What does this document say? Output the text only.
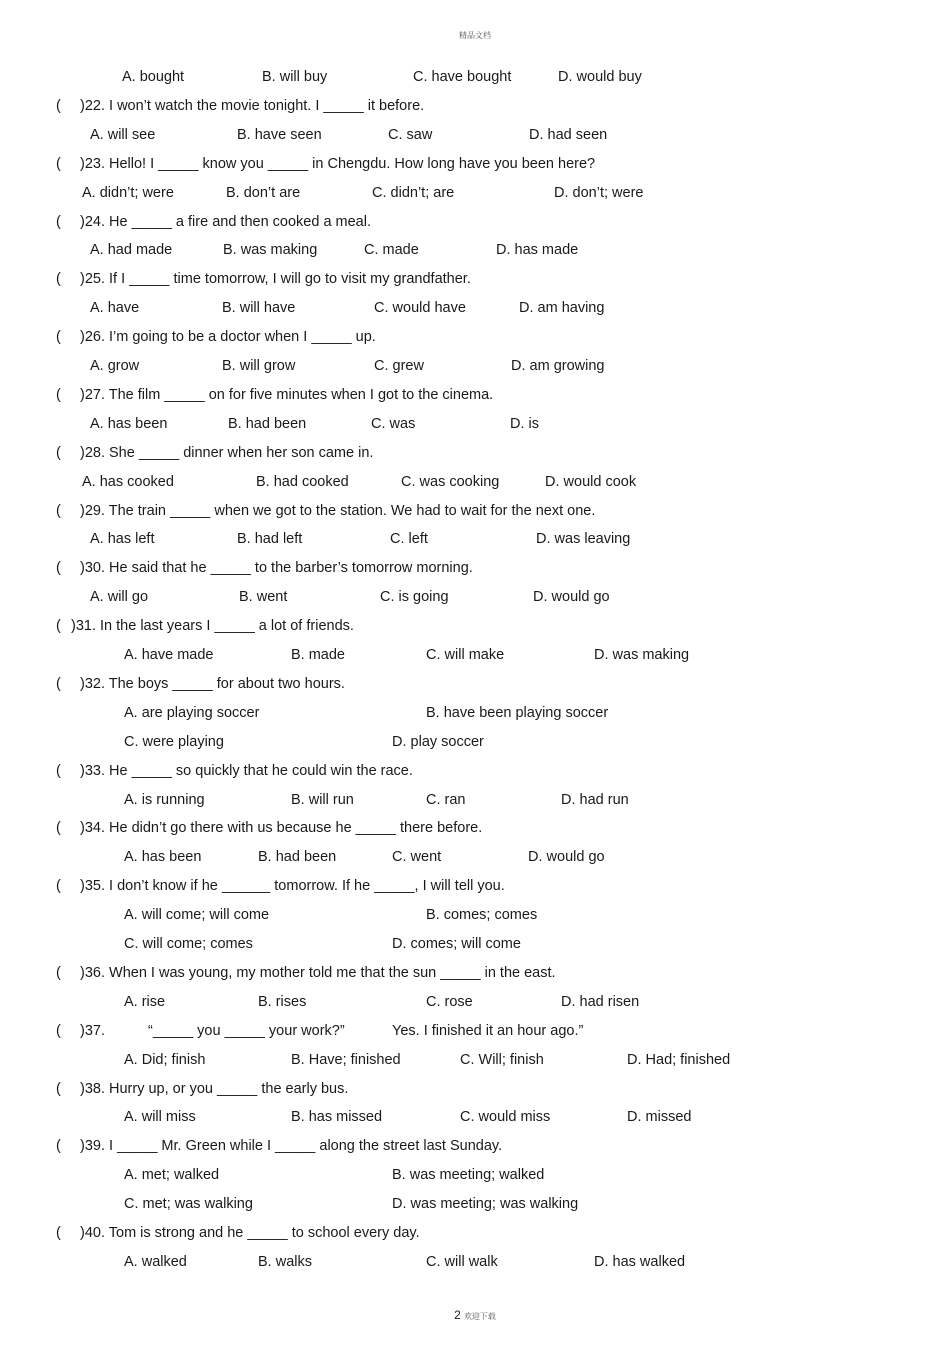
精品文档
A. bought	B. will buy	C. have bought	D. would buy
( )22. I won’t watch the movie tonight. I _____ it before.
A. will see	B. have seen	C. saw	D. had seen
( )23. Hello! I _____ know you _____ in Chengdu. How long have you been here?
A. didn’t; were	B. don’t are	C. didn’t; are	D. don’t; were
( )24. He _____ a fire and then cooked a meal.
A. had made	B. was making	C. made	D. has made
( )25. If I _____ time tomorrow, I will go to visit my grandfather.
A. have	B. will have	C. would have	D. am having
( )26. I’m going to be a doctor when I _____ up.
A. grow	B. will grow	C. grew	D. am growing
( )27. The film _____ on for five minutes when I got to the cinema.
A. has been	B. had been	C. was	D. is
( )28. She _____ dinner when her son came in.
A. has cooked	B. had cooked	C. was cooking	D. would cook
( )29. The train _____ when we got to the station. We had to wait for the next one.
A. has left	B. had left	C. left	D. was leaving
( )30. He said that he _____ to the barber’s tomorrow morning.
A. will go	B. went	C. is going	D. would go
( )31. In the last years I _____ a lot of friends.
A. have made	B. made	C. will make	D. was making
( )32. The boys _____ for about two hours.
A. are playing soccer	B. have been playing soccer
C. were playing	D. play soccer
( )33. He _____ so quickly that he could win the race.
A. is running	B. will run	C. ran	D. had run
( )34. He didn’t go there with us because he _____ there before.
A. has been	B. had been	C. went	D. would go
( )35. I don’t know if he ______ tomorrow. If he _____, I will tell you.
A. will come; will come	B. comes; comes
C. will come; comes	D. comes; will come
( )36. When I was young, my mother told me that the sun _____ in the east.
A. rise	B. rises	C. rose	D. had risen
( )37.	“_____ you _____ your work?”	Yes. I finished it an hour ago.”
A. Did; finish	B. Have; finished	C. Will; finish	D. Had; finished
( )38. Hurry up, or you _____ the early bus.
A. will miss	B. has missed	C. would miss	D. missed
( )39. I _____ Mr. Green while I _____ along the street last Sunday.
A. met; walked	B. was meeting; walked
C. met; was walking	D. was meeting; was walking
( )40. Tom is strong and he _____ to school every day.
A. walked	B. walks	C. will walk	D. has walked
2 欢迎下载
